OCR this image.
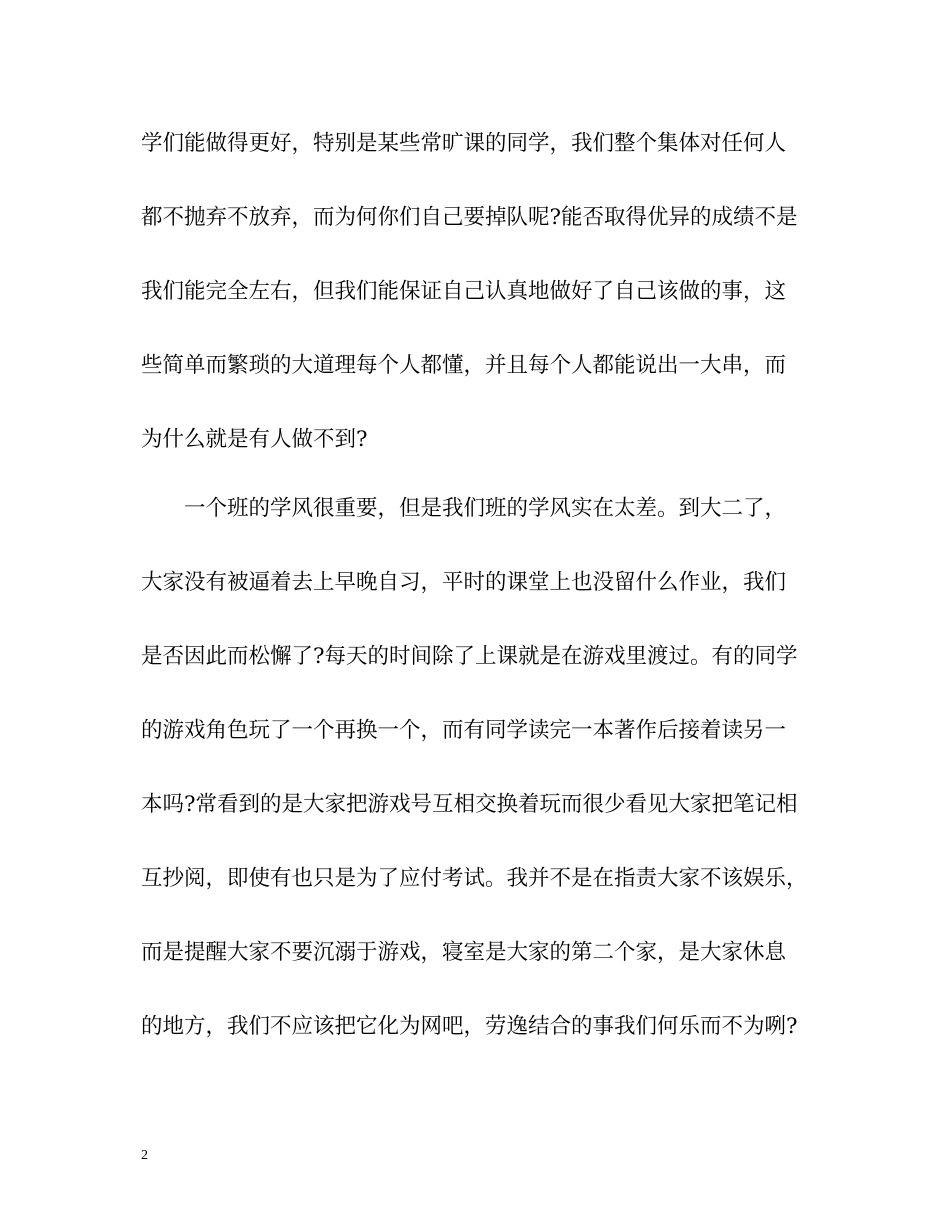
学们能做得更好，特别是某些常旷课的同学，我们整个集体对任何人
都不抛弃不放弃，而为何你们自己要掉队呢?能否取得优异的成绩不是
我们能完全左右，但我们能保证自己认真地做好了自己该做的事，这
些简单而繁琐的大道理每个人都懂，并且每个人都能说出一大串，而
为什么就是有人做不到?
　　一个班的学风很重要，但是我们班的学风实在太差。到大二了，
大家没有被逼着去上早晚自习，平时的课堂上也没留什么作业，我们
是否因此而松懈了?每天的时间除了上课就是在游戏里渡过。有的同学
的游戏角色玩了一个再换一个，而有同学读完一本著作后接着读另一
本吗?常看到的是大家把游戏号互相交换着玩而很少看见大家把笔记相
互抄阅，即使有也只是为了应付考试。我并不是在指责大家不该娱乐，
而是提醒大家不要沉溺于游戏，寝室是大家的第二个家，是大家休息
的地方，我们不应该把它化为网吧，劳逸结合的事我们何乐而不为咧?
2
